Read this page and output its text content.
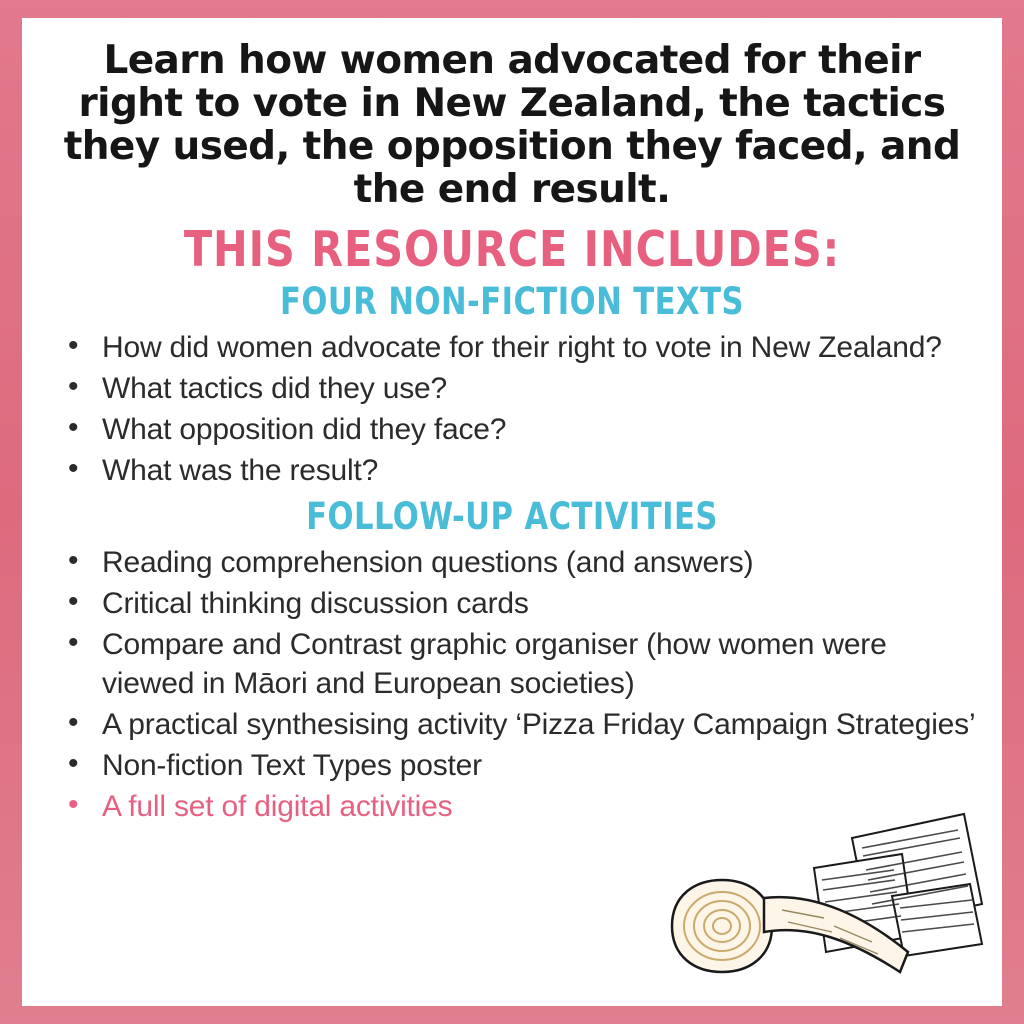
Learn how women advocated for their right to vote in New Zealand, the tactics they used, the opposition they faced, and the end result.
THIS RESOURCE INCLUDES:
FOUR NON-FICTION TEXTS
• How did women advocate for their right to vote in New Zealand?
• What tactics did they use?
• What opposition did they face?
• What was the result?
FOLLOW-UP ACTIVITIES
• Reading comprehension questions (and answers)
• Critical thinking discussion cards
• Compare and Contrast graphic organiser (how women were viewed in Māori and European societies)
• A practical synthesising activity ‘Pizza Friday Campaign Strategies’
• Non-fiction Text Types poster
• A full set of digital activities
